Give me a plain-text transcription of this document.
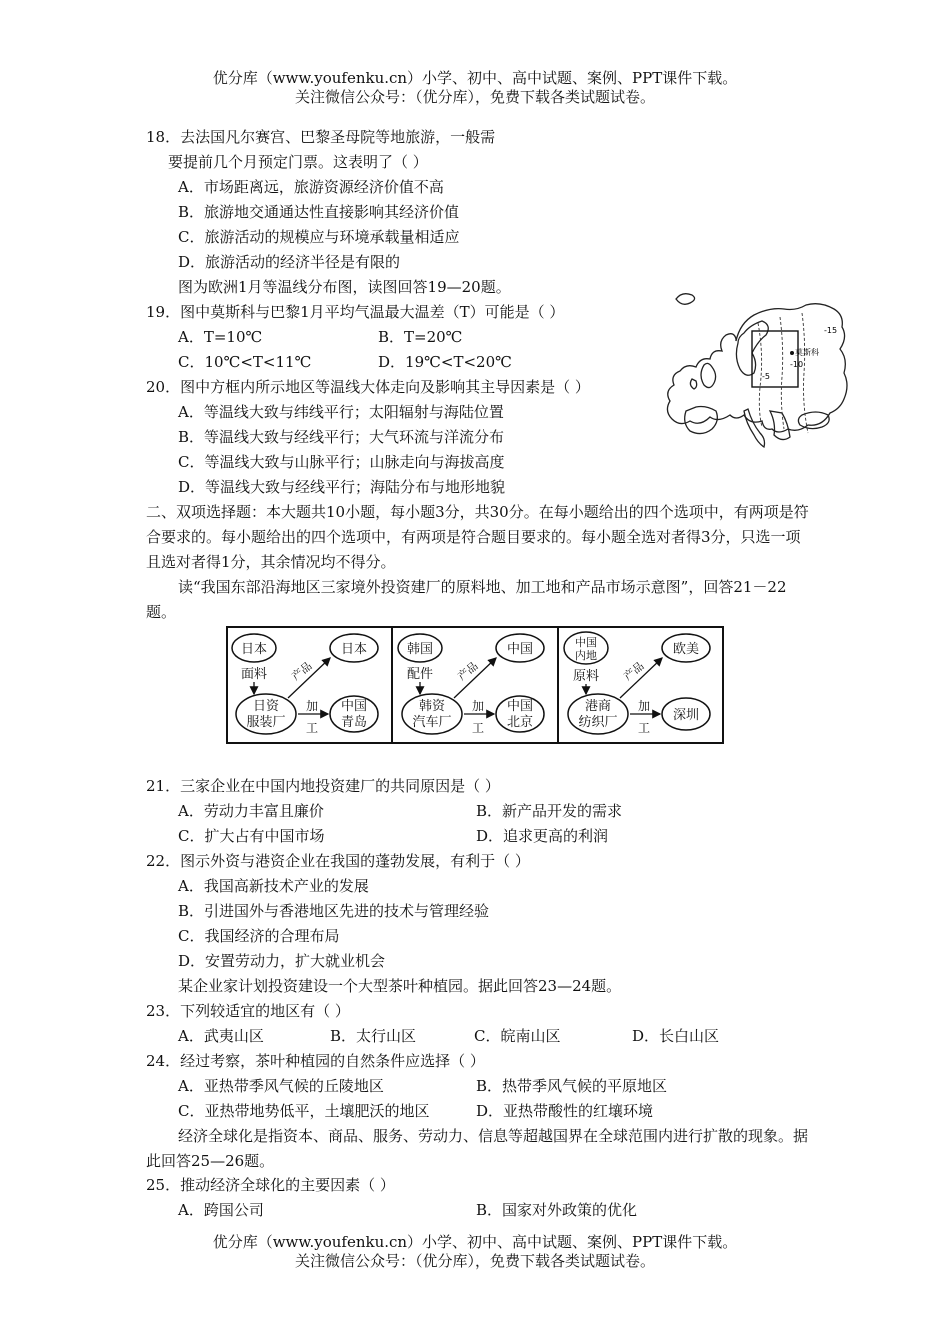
优分库（www.youfenku.cn）小学、初中、高中试题、案例、PPT课件下载。
关注微信公众号：（优分库），免费下载各类试题试卷。
18．去法国凡尔赛宫、巴黎圣母院等地旅游，一般需
要提前几个月预定门票。这表明了（ ）
A．市场距离远，旅游资源经济价值不高
B．旅游地交通通达性直接影响其经济价值
C．旅游活动的规模应与环境承载量相适应
D．旅游活动的经济半径是有限的
图为欧洲1月等温线分布图，读图回答19—20题。
19．图中莫斯科与巴黎1月平均气温最大温差（T）可能是（ ）
A．T=10℃	B．T=20℃
C．10℃<T<11℃	D．19℃<T<20℃
20．图中方框内所示地区等温线大体走向及影响其主导因素是（ ）
A．等温线大致与纬线平行；太阳辐射与海陆位置
B．等温线大致与经线平行；大气环流与洋流分布
C．等温线大致与山脉平行；山脉走向与海拔高度
D．等温线大致与经线平行；海陆分布与地形地貌
莫斯科
-15
-10
-5
二、双项选择题：本大题共10小题，每小题3分，共30分。在每小题给出的四个选项中，有两项是符合要求的。每小题给出的四个选项中，有两项是符合题目要求的。每小题全选对者得3分，只选一项且选对者得1分，其余情况均不得分。
读“我国东部沿海地区三家境外投资建厂的原料地、加工地和产品市场示意图”，回答21－22题。
日本
面料
日资
服装厂
日本
产品
中国
青岛
加
工
韩国
配件
韩资
汽车厂
中国
产品
中国
北京
加
工
中国
内地
原料
港商
纺织厂
欧美
产品
深圳
加
工
21．三家企业在中国内地投资建厂的共同原因是（ ）
A．劳动力丰富且廉价	B．新产品开发的需求
C．扩大占有中国市场	D．追求更高的利润
22．图示外资与港资企业在我国的蓬勃发展，有利于（ ）
A．我国高新技术产业的发展
B．引进国外与香港地区先进的技术与管理经验
C．我国经济的合理布局
D．安置劳动力，扩大就业机会
某企业家计划投资建设一个大型茶叶种植园。据此回答23—24题。
23．下列较适宜的地区有（ ）
A．武夷山区	B．太行山区	C．皖南山区	D．长白山区
24．经过考察，茶叶种植园的自然条件应选择（ ）
A．亚热带季风气候的丘陵地区	B．热带季风气候的平原地区
C．亚热带地势低平，土壤肥沃的地区	D．亚热带酸性的红壤环境
经济全球化是指资本、商品、服务、劳动力、信息等超越国界在全球范围内进行扩散的现象。据此回答25—26题。
25．推动经济全球化的主要因素（ ）
A．跨国公司	B．国家对外政策的优化
优分库（www.youfenku.cn）小学、初中、高中试题、案例、PPT课件下载。
关注微信公众号：（优分库），免费下载各类试题试卷。
